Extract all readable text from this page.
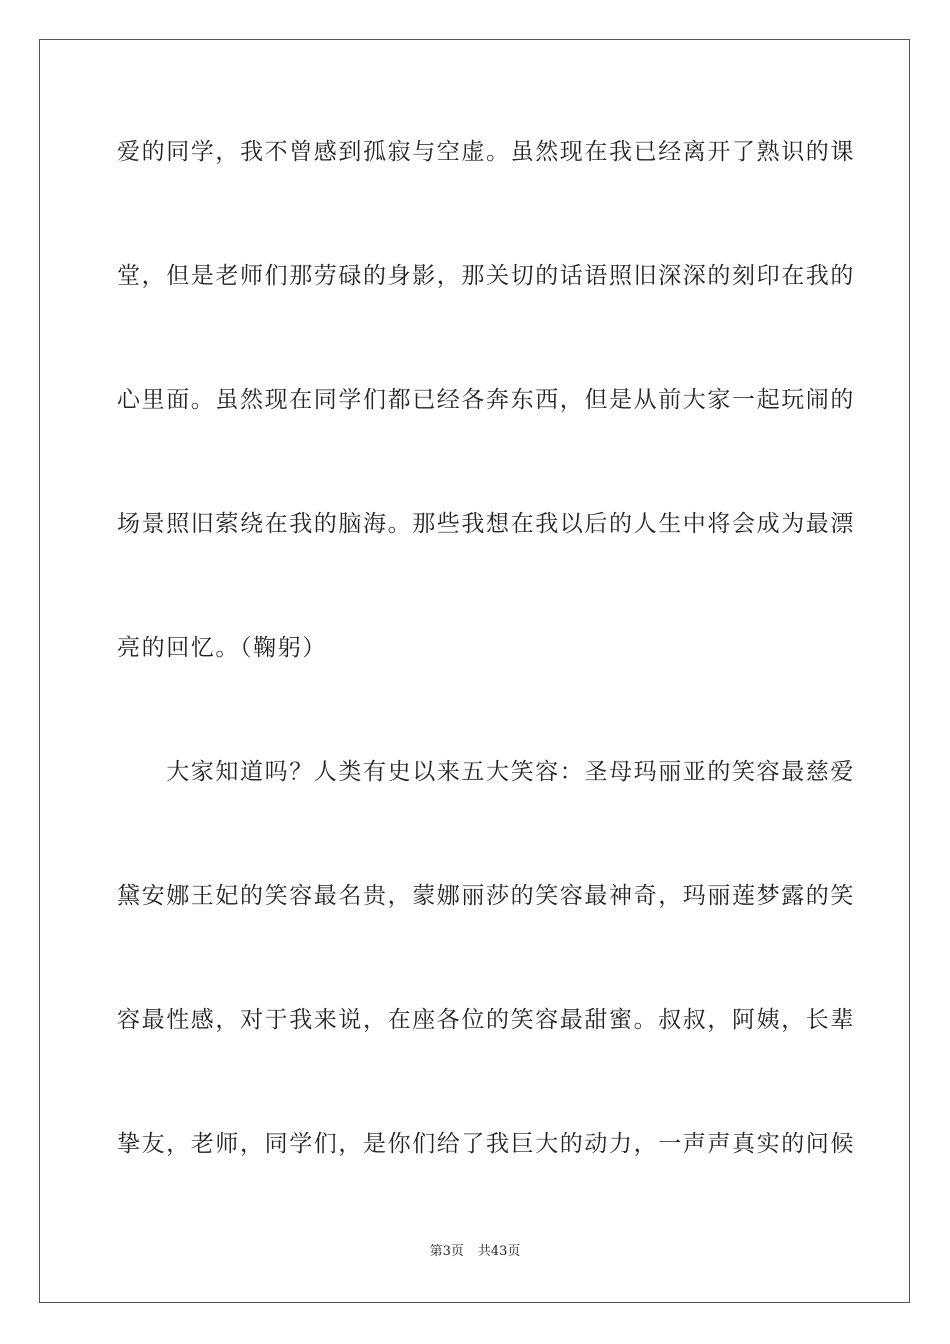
爱的同学，我不曾感到孤寂与空虚。虽然现在我已经离开了熟识的课
堂，但是老师们那劳碌的身影，那关切的话语照旧深深的刻印在我的
心里面。虽然现在同学们都已经各奔东西，但是从前大家一起玩闹的
场景照旧萦绕在我的脑海。那些我想在我以后的人生中将会成为最漂
亮的回忆。（鞠躬）
　　大家知道吗？人类有史以来五大笑容：圣母玛丽亚的笑容最慈爱
黛安娜王妃的笑容最名贵，蒙娜丽莎的笑容最神奇，玛丽莲梦露的笑
容最性感，对于我来说，在座各位的笑容最甜蜜。叔叔，阿姨，长辈
挚友，老师，同学们，是你们给了我巨大的动力，一声声真实的问候
第3页 共43页
